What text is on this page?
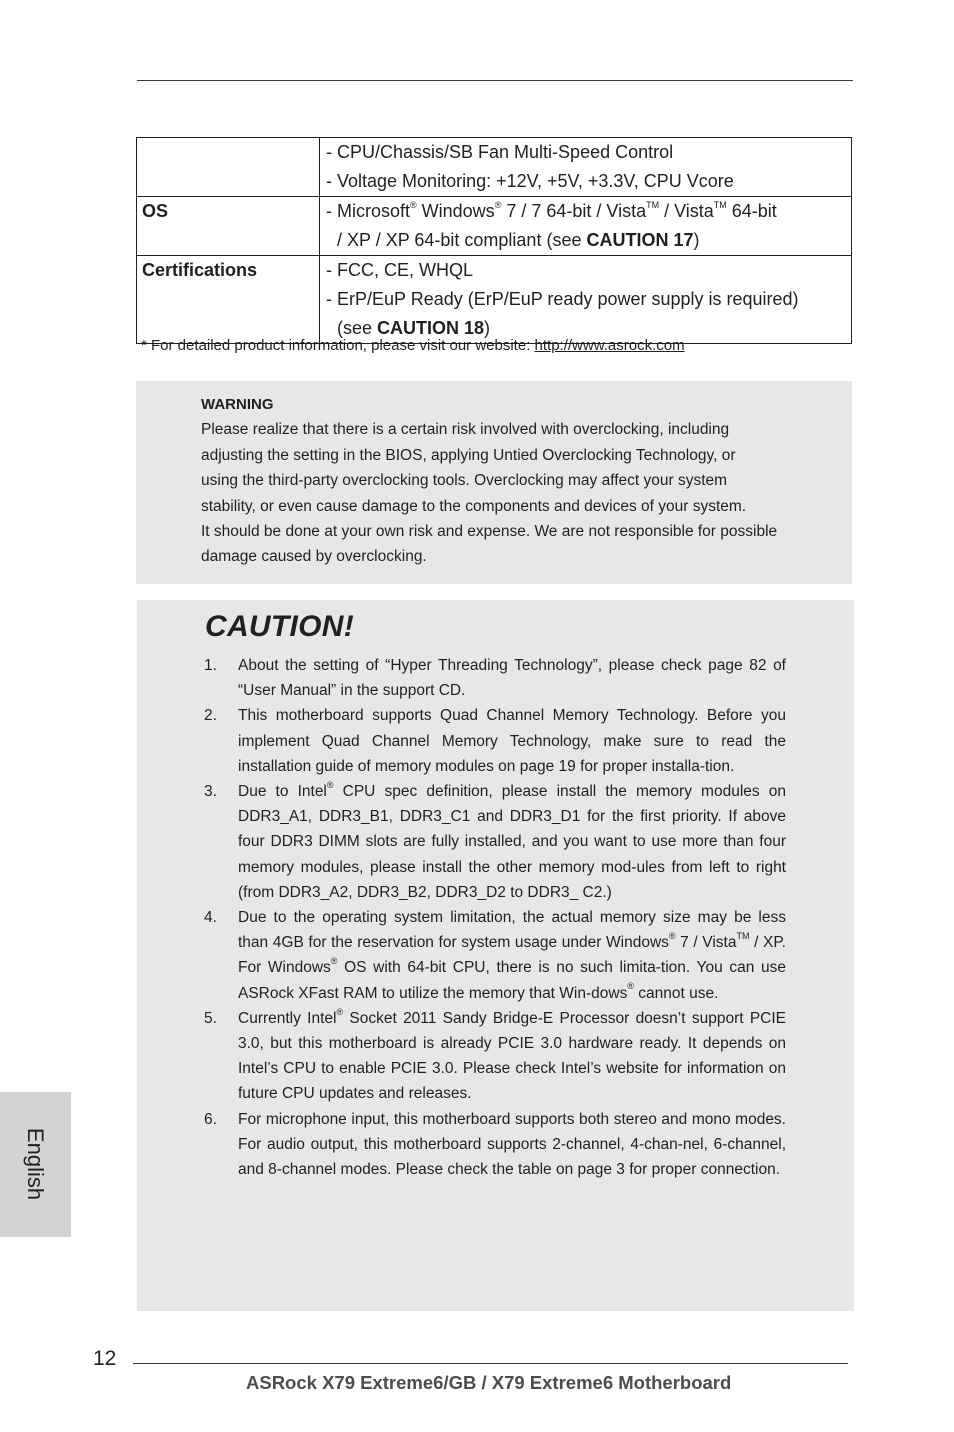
	- CPU/Chassis/SB Fan Multi-Speed Control
- Voltage Monitoring: +12V, +5V, +3.3V, CPU Vcore

OS	- Microsoft® Windows® 7 / 7 64-bit / Vista™ / Vista™ 64-bit
/ XP / XP 64-bit compliant (see CAUTION 17)

Certifications	- FCC, CE, WHQL
- ErP/EuP Ready (ErP/EuP ready power supply is required)
(see CAUTION 18)
* For detailed product information, please visit our website: http://www.asrock.com
WARNING
Please realize that there is a certain risk involved with overclocking, including
adjusting the setting in the BIOS, applying Untied Overclocking Technology, or
using the third-party overclocking tools. Overclocking may affect your system
stability, or even cause damage to the components and devices of your system.
It should be done at your own risk and expense. We are not responsible for possible
damage caused by overclocking.
CAUTION!
1. About the setting of “Hyper Threading Technology”, please check page 82 of “User Manual” in the support CD.
2. This motherboard supports Quad Channel Memory Technology. Before you implement Quad Channel Memory Technology, make sure to read the installation guide of memory modules on page 19 for proper installa-tion.
3. Due to Intel® CPU spec definition, please install the memory modules on DDR3_A1, DDR3_B1, DDR3_C1 and DDR3_D1 for the first priority. If above four DDR3 DIMM slots are fully installed, and you want to use more than four memory modules, please install the other memory mod-ules from left to right (from DDR3_A2, DDR3_B2, DDR3_D2 to DDR3_ C2.)
4. Due to the operating system limitation, the actual memory size may be less than 4GB for the reservation for system usage under Windows® 7 / Vista™ / XP. For Windows® OS with 64-bit CPU, there is no such limita-tion. You can use ASRock XFast RAM to utilize the memory that Win-dows® cannot use.
5. Currently Intel® Socket 2011 Sandy Bridge-E Processor doesn’t support PCIE 3.0, but this motherboard is already PCIE 3.0 hardware ready. It depends on Intel’s CPU to enable PCIE 3.0. Please check Intel’s website for information on future CPU updates and releases.
6. For microphone input, this motherboard supports both stereo and mono modes. For audio output, this motherboard supports 2-channel, 4-chan-nel, 6-channel, and 8-channel modes. Please check the table on page 3 for proper connection.
English
12
ASRock X79 Extreme6/GB / X79 Extreme6 Motherboard
